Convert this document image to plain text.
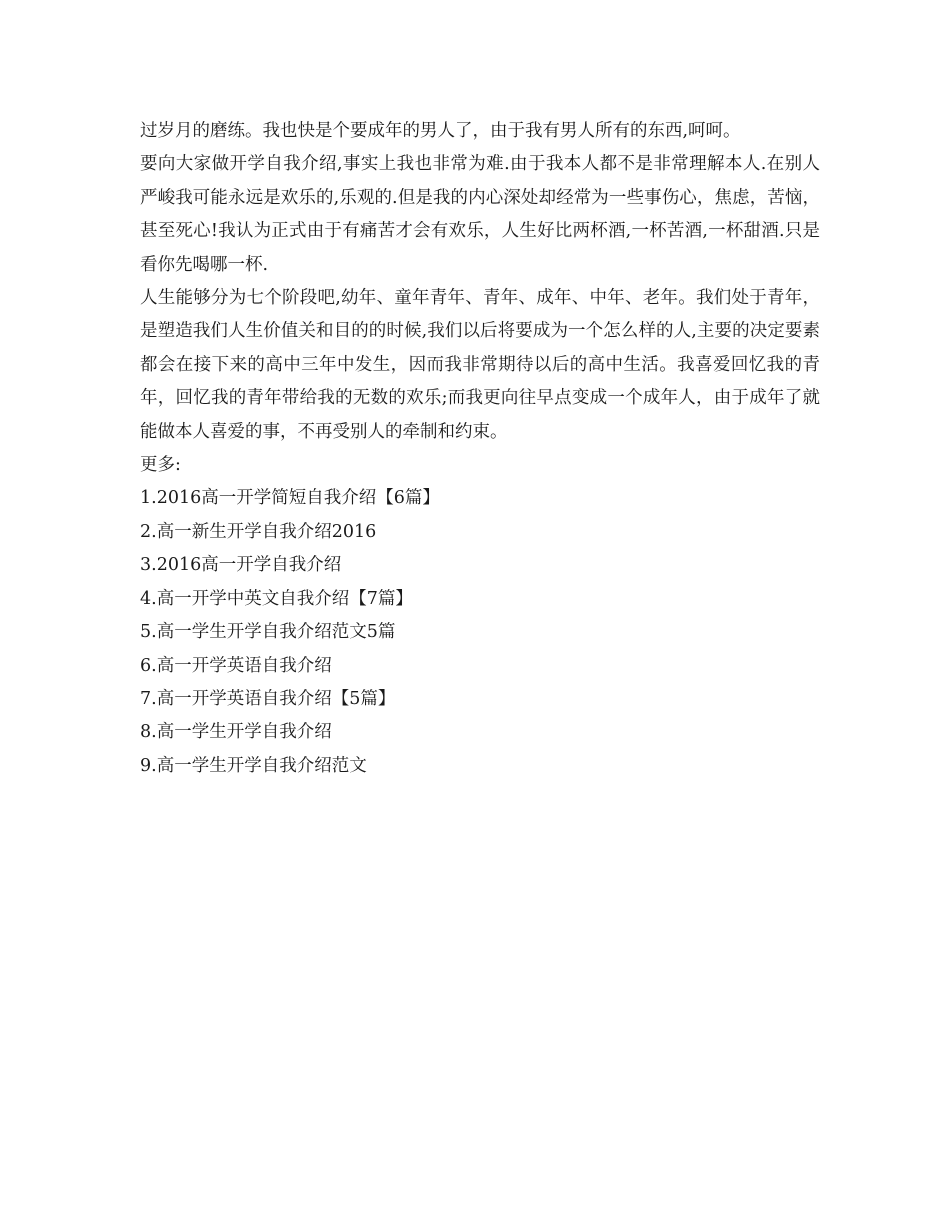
过岁月的磨练。我也快是个要成年的男人了，由于我有男人所有的东西,呵呵。

要向大家做开学自我介绍,事实上我也非常为难.由于我本人都不是非常理解本人.在别人严峻我可能永远是欢乐的,乐观的.但是我的内心深处却经常为一些事伤心，焦虑，苦恼，甚至死心!我认为正式由于有痛苦才会有欢乐，人生好比两杯酒,一杯苦酒,一杯甜酒.只是看你先喝哪一杯.

人生能够分为七个阶段吧,幼年、童年青年、青年、成年、中年、老年。我们处于青年，是塑造我们人生价值关和目的的时候,我们以后将要成为一个怎么样的人,主要的决定要素都会在接下来的高中三年中发生，因而我非常期待以后的高中生活。我喜爱回忆我的青年，回忆我的青年带给我的无数的欢乐;而我更向往早点变成一个成年人，由于成年了就能做本人喜爱的事，不再受别人的牵制和约束。

更多:

1.2016高一开学简短自我介绍【6篇】
2.高一新生开学自我介绍2016
3.2016高一开学自我介绍
4.高一开学中英文自我介绍【7篇】
5.高一学生开学自我介绍范文5篇
6.高一开学英语自我介绍
7.高一开学英语自我介绍【5篇】
8.高一学生开学自我介绍
9.高一学生开学自我介绍范文
